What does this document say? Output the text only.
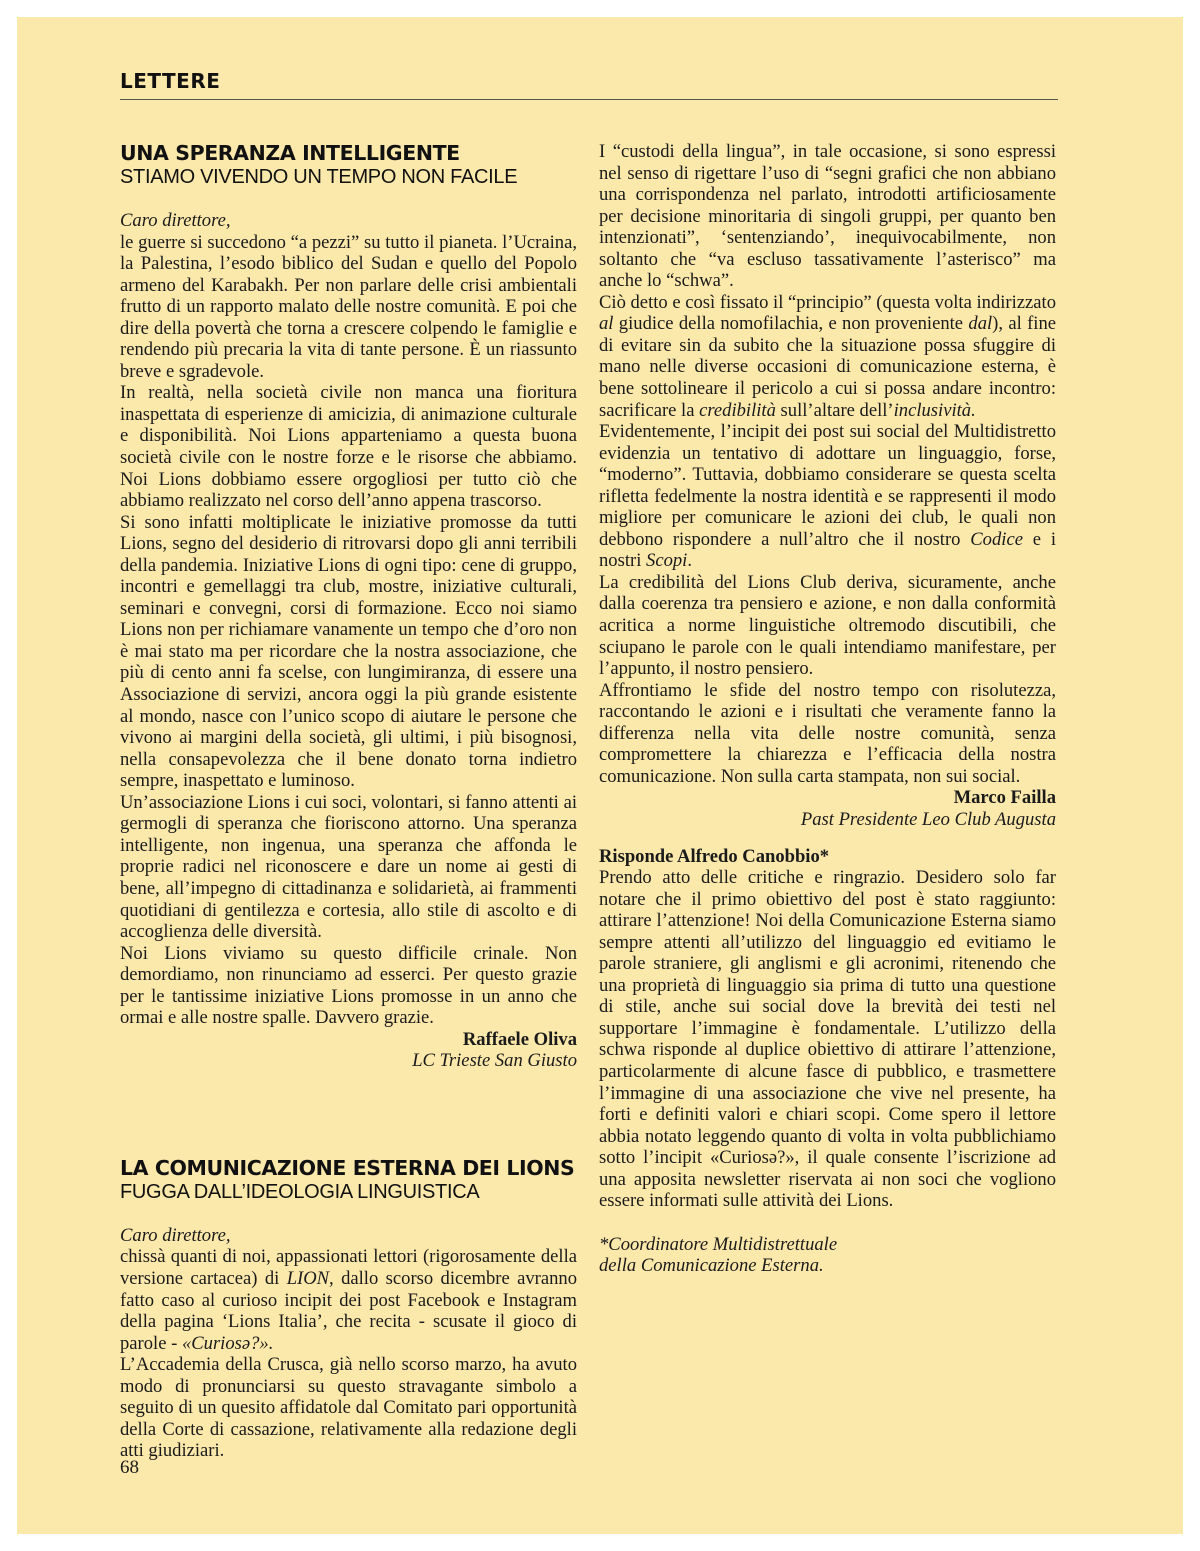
LETTERE
UNA SPERANZA INTELLIGENTE
STIAMO VIVENDO UN TEMPO NON FACILE

Caro direttore,

le guerre si succedono “a pezzi” su tutto il pianeta. l’Ucraina, la Palestina, l’esodo biblico del Sudan e quello del Popolo armeno del Karabakh. Per non parlare delle crisi ambientali frutto di un rapporto malato delle nostre comunità. E poi che dire della povertà che torna a crescere colpendo le famiglie e rendendo più precaria la vita di tante persone. È un riassunto breve e sgradevole.

In realtà, nella società civile non manca una fioritura inaspettata di esperienze di amicizia, di animazione culturale e disponibilità. Noi Lions apparteniamo a questa buona società civile con le nostre forze e le risorse che abbiamo. Noi Lions dobbiamo essere orgogliosi per tutto ciò che abbiamo realizzato nel corso dell’anno appena trascorso.

Si sono infatti moltiplicate le iniziative promosse da tutti Lions, segno del desiderio di ritrovarsi dopo gli anni terribili della pandemia. Iniziative Lions di ogni tipo: cene di gruppo, incontri e gemellaggi tra club, mostre, iniziative culturali, seminari e convegni, corsi di formazione. Ecco noi siamo Lions non per richiamare vanamente un tempo che d’oro non è mai stato ma per ricordare che la nostra associazione, che più di cento anni fa scelse, con lungimiranza, di essere una Associazione di servizi, ancora oggi la più grande esistente al mondo, nasce con l’unico scopo di aiutare le persone che vivono ai margini della società, gli ultimi, i più bisognosi, nella consapevolezza che il bene donato torna indietro sempre, inaspettato e luminoso.

Un’associazione Lions i cui soci, volontari, si fanno attenti ai germogli di speranza che fioriscono attorno. Una speranza intelligente, non ingenua, una speranza che affonda le proprie radici nel riconoscere e dare un nome ai gesti di bene, all’impegno di cittadinanza e solidarietà, ai frammenti quotidiani di gentilezza e cortesia, allo stile di ascolto e di accoglienza delle diversità.

Noi Lions viviamo su questo difficile crinale. Non demordiamo, non rinunciamo ad esserci. Per questo grazie per le tantissime iniziative Lions promosse in un anno che ormai e alle nostre spalle. Davvero grazie.

Raffaele Oliva

LC Trieste San Giusto

LA COMUNICAZIONE ESTERNA DEI LIONS
FUGGA DALL’IDEOLOGIA LINGUISTICA

Caro direttore,

chissà quanti di noi, appassionati lettori (rigorosamente della versione cartacea) di LION, dallo scorso dicembre avranno fatto caso al curioso incipit dei post Facebook e Instagram della pagina ‘Lions Italia’, che recita - scusate il gioco di parole - «Curiosə?».

L’Accademia della Crusca, già nello scorso marzo, ha avuto modo di pronunciarsi su questo stravagante simbolo a seguito di un quesito affidatole dal Comitato pari opportunità della Corte di cassazione, relativamente alla redazione degli atti giudiziari.

I “custodi della lingua”, in tale occasione, si sono espressi nel senso di rigettare l’uso di “segni grafici che non abbiano una corrispondenza nel parlato, introdotti artificiosamente per decisione minoritaria di singoli gruppi, per quanto ben intenzionati”, ‘sentenziando’, inequivocabilmente, non soltanto che “va escluso tassativamente l’asterisco” ma anche lo “schwa”.

Ciò detto e così fissato il “principio” (questa volta indirizzato al giudice della nomofilachia, e non proveniente dal), al fine di evitare sin da subito che la situazione possa sfuggire di mano nelle diverse occasioni di comunicazione esterna, è bene sottolineare il pericolo a cui si possa andare incontro: sacrificare la credibilità sull’altare dell’inclusività.

Evidentemente, l’incipit dei post sui social del Multidistretto evidenzia un tentativo di adottare un linguaggio, forse, “moderno”. Tuttavia, dobbiamo considerare se questa scelta rifletta fedelmente la nostra identità e se rappresenti il modo migliore per comunicare le azioni dei club, le quali non debbono rispondere a null’altro che il nostro Codice e i nostri Scopi.

La credibilità del Lions Club deriva, sicuramente, anche dalla coerenza tra pensiero e azione, e non dalla conformità acritica a norme linguistiche oltremodo discutibili, che sciupano le parole con le quali intendiamo manifestare, per l’appunto, il nostro pensiero.

Affrontiamo le sfide del nostro tempo con risolutezza, raccontando le azioni e i risultati che veramente fanno la differenza nella vita delle nostre comunità, senza compromettere la chiarezza e l’efficacia della nostra comunicazione. Non sulla carta stampata, non sui social.

Marco Failla

Past Presidente Leo Club Augusta

Risponde Alfredo Canobbio*

Prendo atto delle critiche e ringrazio. Desidero solo far notare che il primo obiettivo del post è stato raggiunto: attirare l’attenzione! Noi della Comunicazione Esterna siamo sempre attenti all’utilizzo del linguaggio ed evitiamo le parole straniere, gli anglismi e gli acronimi, ritenendo che una proprietà di linguaggio sia prima di tutto una questione di stile, anche sui social dove la brevità dei testi nel supportare l’immagine è fondamentale. L’utilizzo della schwa risponde al duplice obiettivo di attirare l’attenzione, particolarmente di alcune fasce di pubblico, e trasmettere l’immagine di una associazione che vive nel presente, ha forti e definiti valori e chiari scopi. Come spero il lettore abbia notato leggendo quanto di volta in volta pubblichiamo sotto l’incipit «Curiosə?», il quale consente l’iscrizione ad una apposita newsletter riservata ai non soci che vogliono essere informati sulle attività dei Lions.

*Coordinatore Multidistrettuale
della Comunicazione Esterna.

68
